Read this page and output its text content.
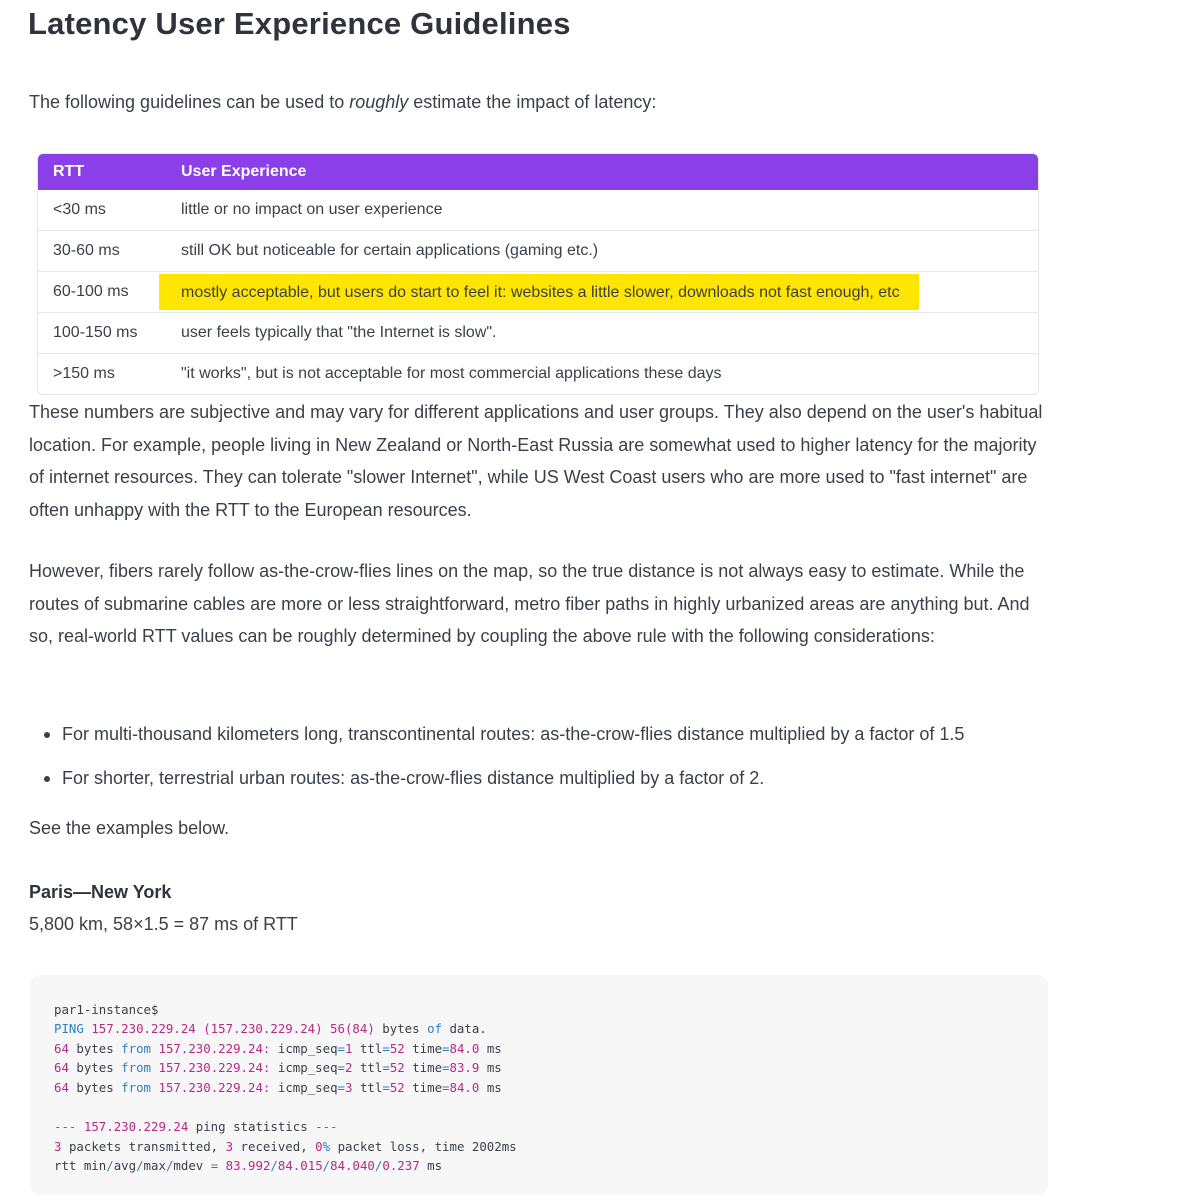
Latency User Experience Guidelines
The following guidelines can be used to roughly estimate the impact of latency:
RTT	User Experience
<30 ms	little or no impact on user experience
30-60 ms	still OK but noticeable for certain applications (gaming etc.)
60-100 ms	mostly acceptable, but users do start to feel it: websites a little slower, downloads not fast enough, etc
100-150 ms	user feels typically that "the Internet is slow".
>150 ms	"it works", but is not acceptable for most commercial applications these days

These numbers are subjective and may vary for different applications and user groups. They also depend on the user's habitual location. For example, people living in New Zealand or North-East Russia are somewhat used to higher latency for the majority of internet resources. They can tolerate "slower Internet", while US West Coast users who are more used to "fast internet" are often unhappy with the RTT to the European resources.

However, fibers rarely follow as-the-crow-flies lines on the map, so the true distance is not always easy to estimate. While the routes of submarine cables are more or less straightforward, metro fiber paths in highly urbanized areas are anything but. And so, real-world RTT values can be roughly determined by coupling the above rule with the following considerations:

For multi-thousand kilometers long, transcontinental routes: as-the-crow-flies distance multiplied by a factor of 1.5
For shorter, terrestrial urban routes: as-the-crow-flies distance multiplied by a factor of 2.
See the examples below.
Paris—New York
5,800 km, 58×1.5 = 87 ms of RTT
par1-instance$
PING 157.230.229.24 (157.230.229.24) 56(84) bytes of data.
64 bytes from 157.230.229.24: icmp_seq=1 ttl=52 time=84.0 ms
64 bytes from 157.230.229.24: icmp_seq=2 ttl=52 time=83.9 ms
64 bytes from 157.230.229.24: icmp_seq=3 ttl=52 time=84.0 ms
--- 157.230.229.24 ping statistics ---
3 packets transmitted, 3 received, 0% packet loss, time 2002ms
rtt min/avg/max/mdev = 83.992/84.015/84.040/0.237 ms
